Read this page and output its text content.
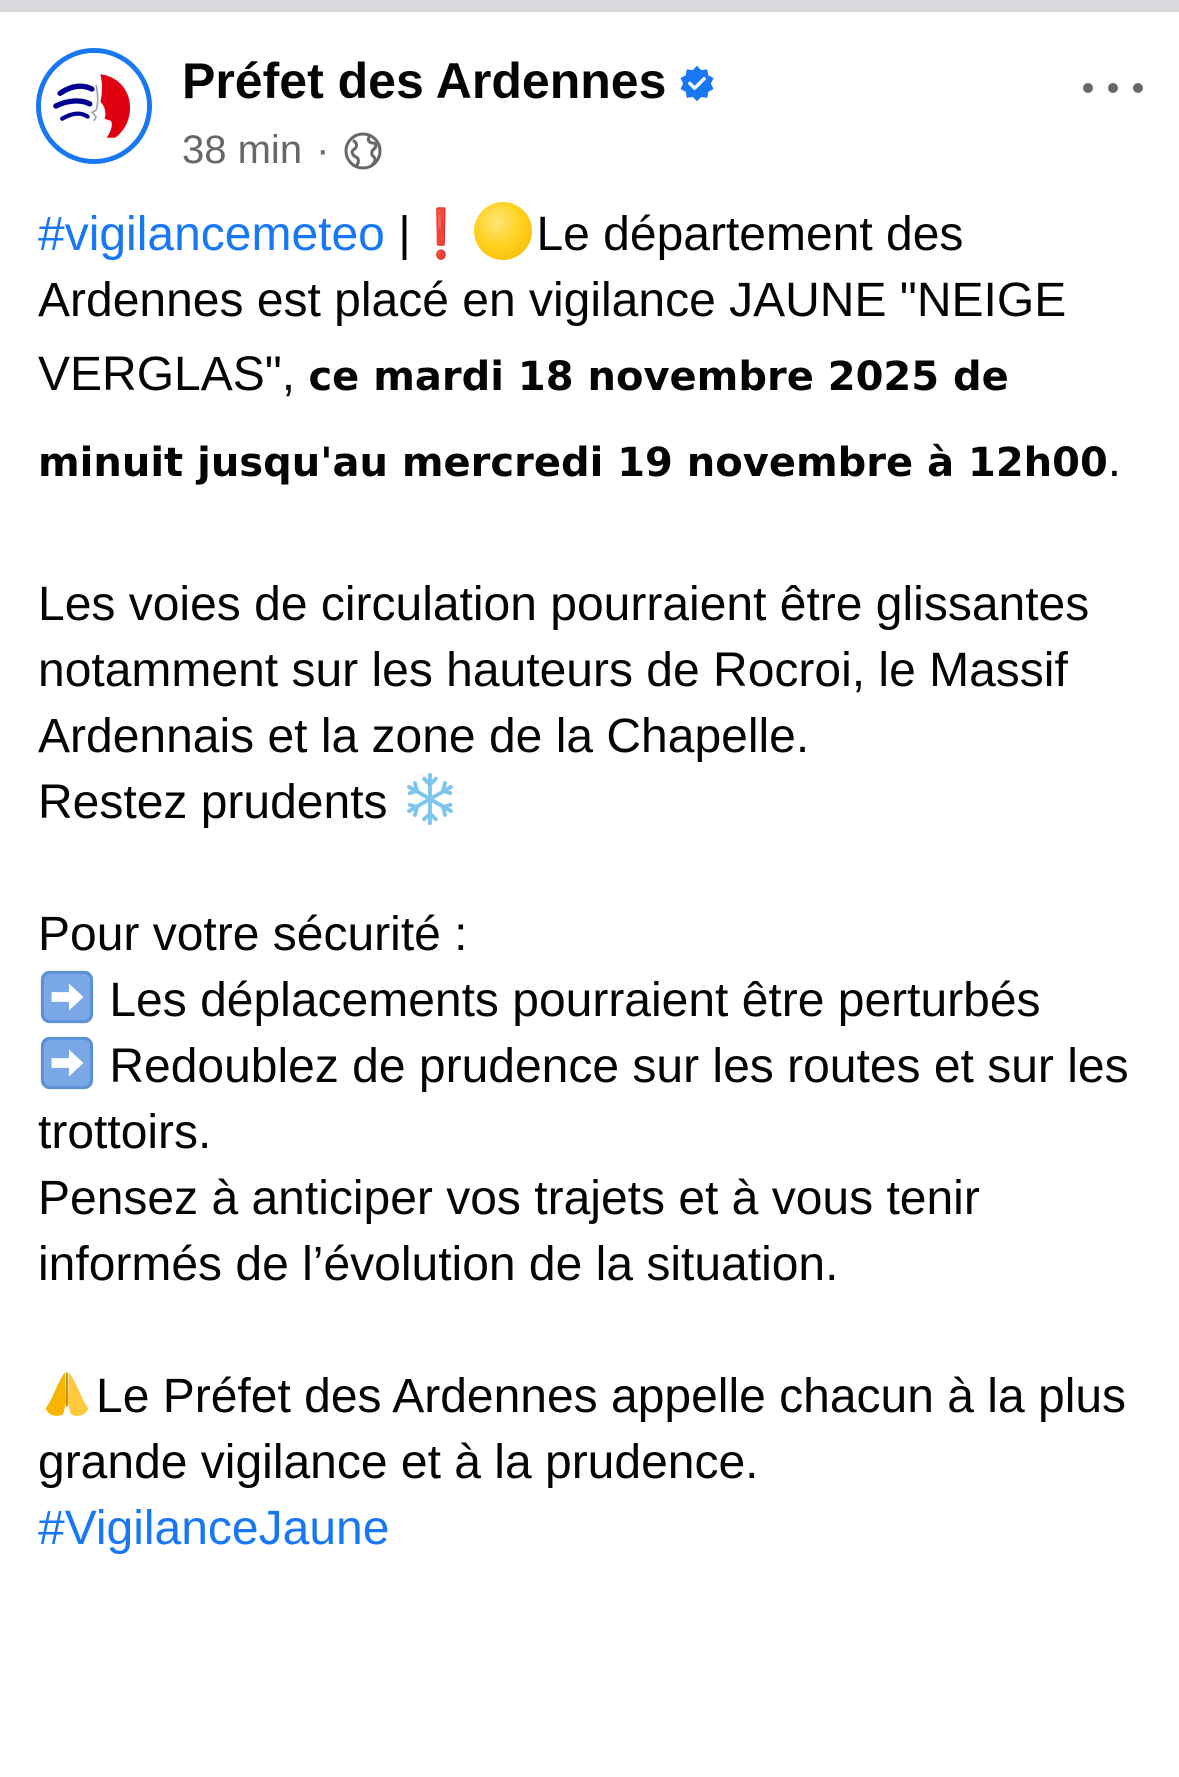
Préfet des Ardennes
38 min ·

#vigilancemeteo |❗ Le département des Ardennes est placé en vigilance JAUNE "NEIGE VERGLAS", ce mardi 18 novembre 2025 de minuit jusqu'au mercredi 19 novembre à 12h00.

Les voies de circulation pourraient être glissantes notamment sur les hauteurs de Rocroi, le Massif Ardennais et la zone de la Chapelle.

Restez prudents

Pour votre sécurité :

Les déplacements pourraient être perturbés

Redoublez de prudence sur les routes et sur les trottoirs.

Pensez à anticiper vos trajets et à vous tenir informés de l’évolution de la situation.

Le Préfet des Ardennes appelle chacun à la plus grande vigilance et à la prudence.

#VigilanceJaune
